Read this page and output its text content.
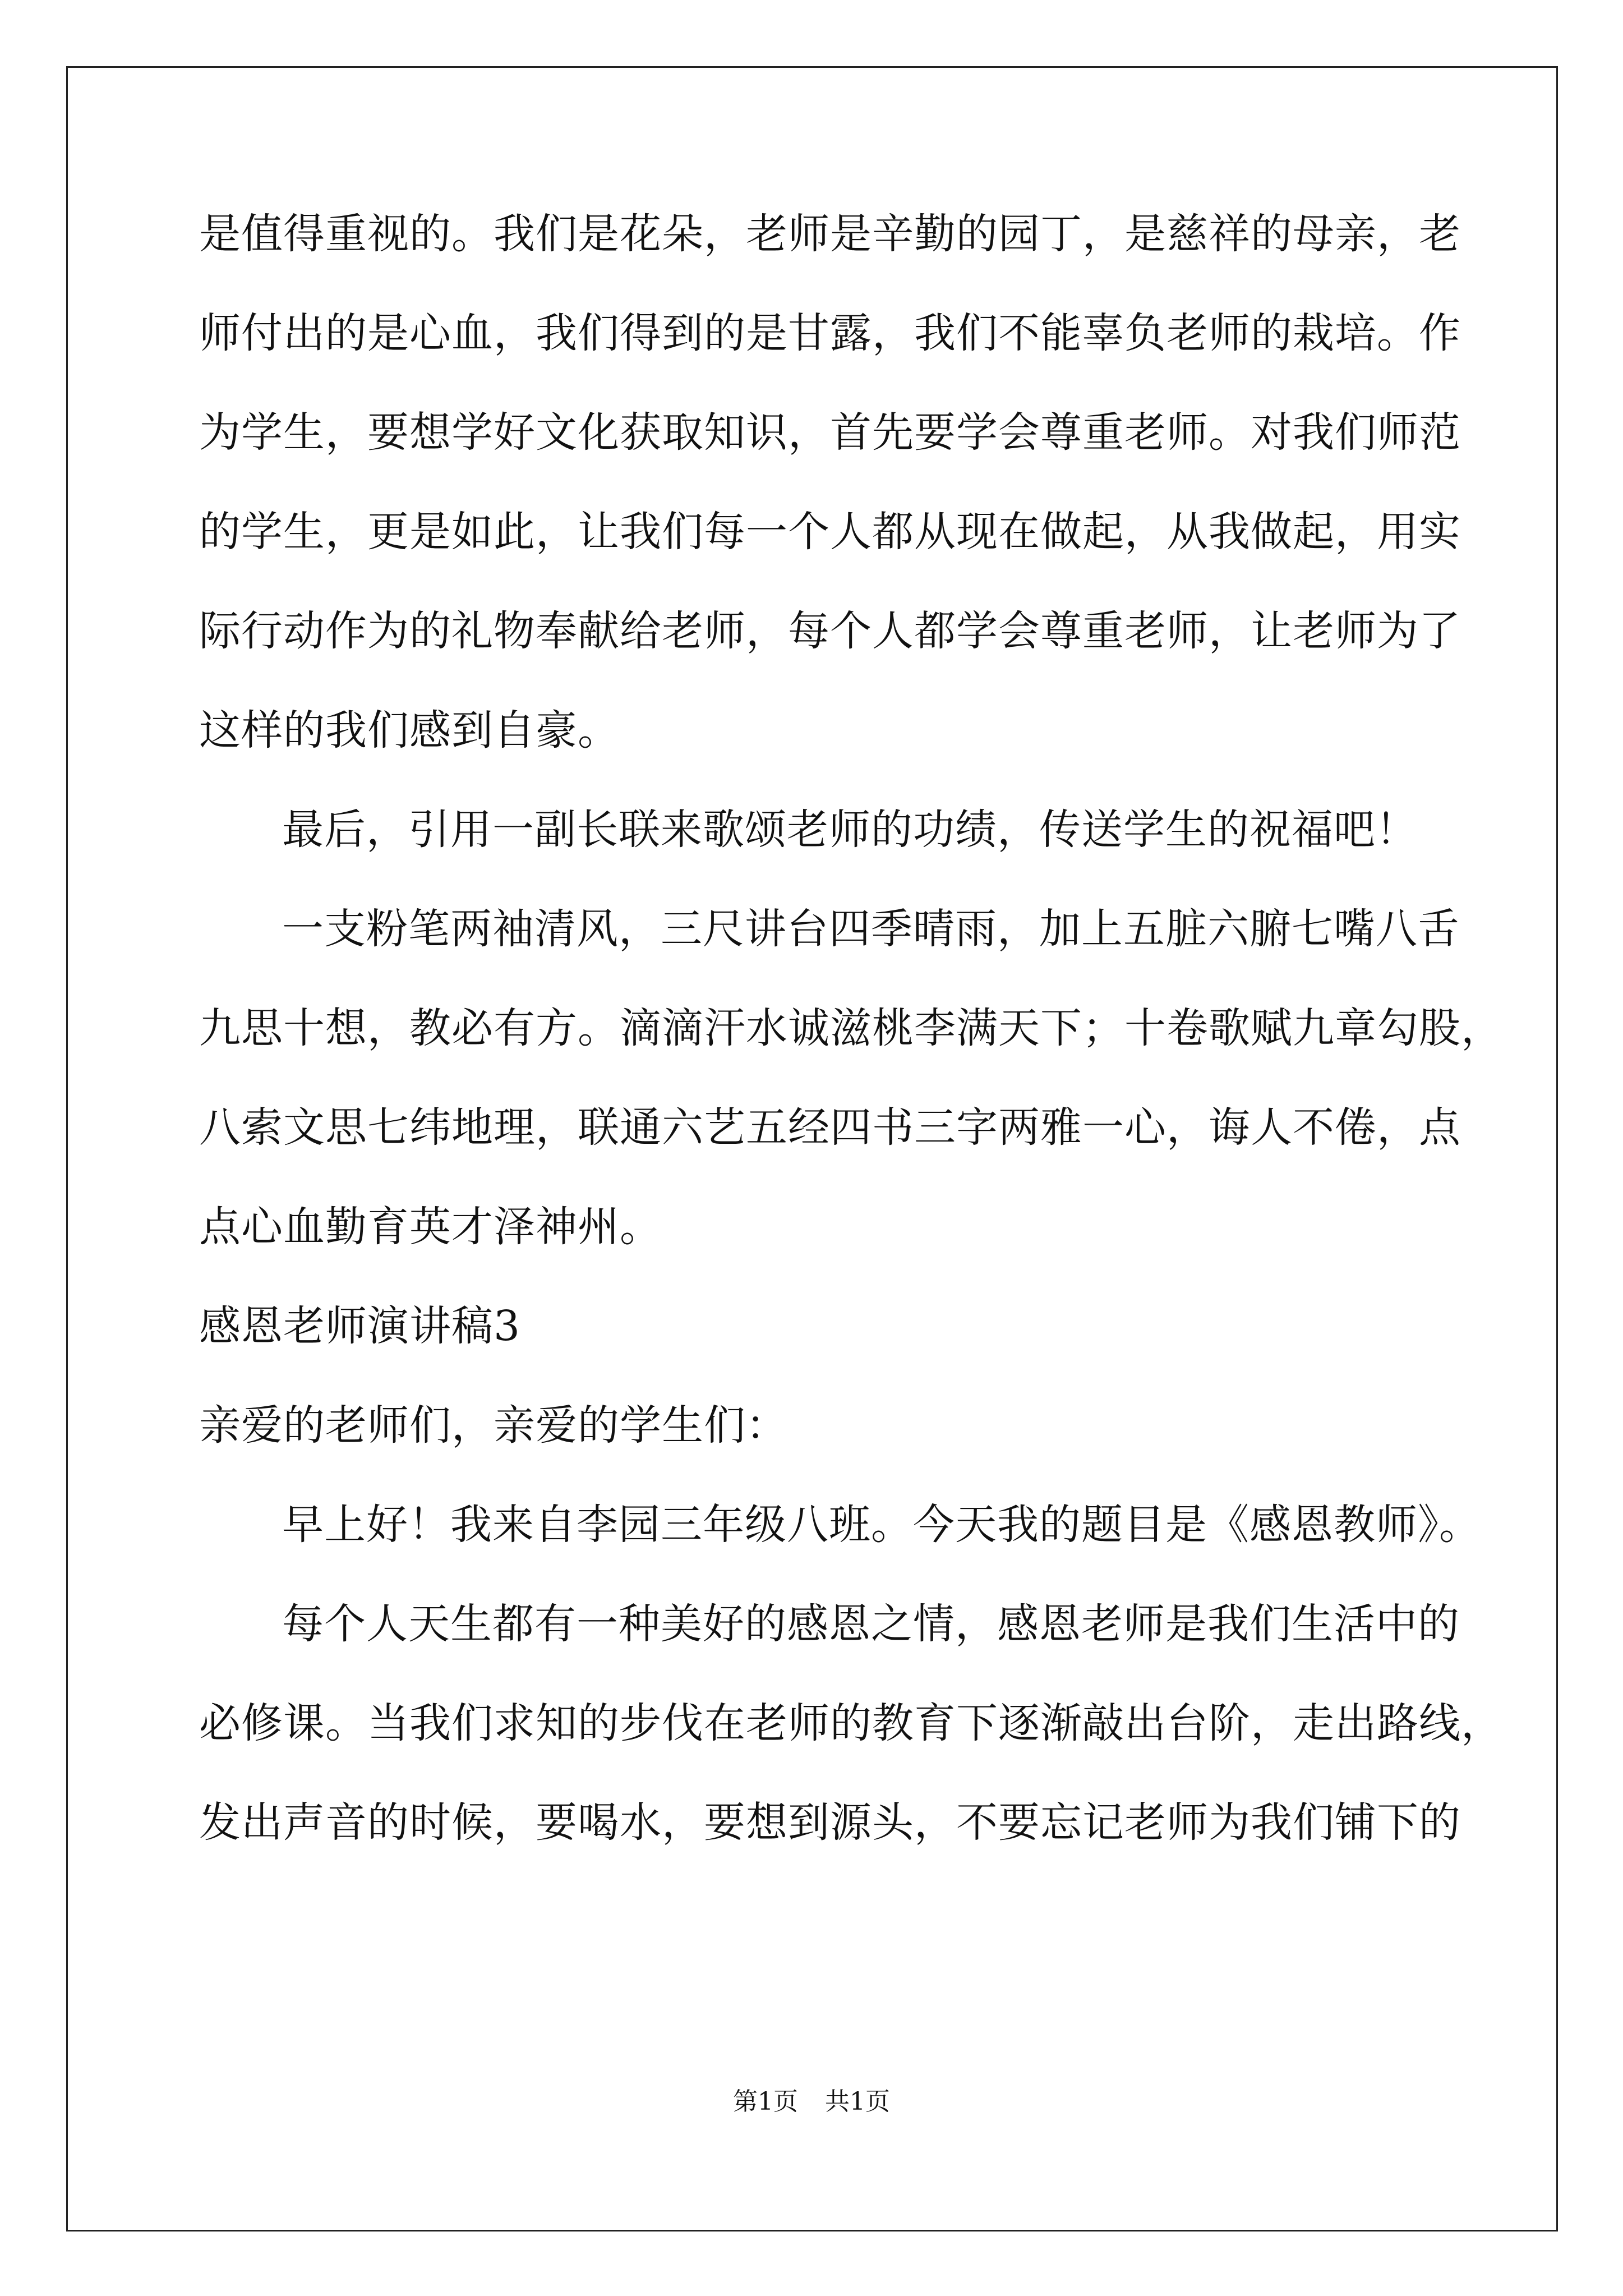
是值得重视的。我们是花朵，老师是辛勤的园丁，是慈祥的母亲，老
师付出的是心血，我们得到的是甘露，我们不能辜负老师的栽培。作
为学生，要想学好文化获取知识，首先要学会尊重老师。对我们师范
的学生，更是如此，让我们每一个人都从现在做起，从我做起，用实
际行动作为的礼物奉献给老师，每个人都学会尊重老师，让老师为了
这样的我们感到自豪。
最后，引用一副长联来歌颂老师的功绩，传送学生的祝福吧！
一支粉笔两袖清风，三尺讲台四季晴雨，加上五脏六腑七嘴八舌
九思十想，教必有方。滴滴汗水诚滋桃李满天下；十卷歌赋九章勾股，
八索文思七纬地理，联通六艺五经四书三字两雅一心，诲人不倦，点
点心血勤育英才泽神州。
感恩老师演讲稿3
亲爱的老师们，亲爱的学生们：
早上好！我来自李园三年级八班。今天我的题目是《感恩教师》。
每个人天生都有一种美好的感恩之情，感恩老师是我们生活中的
必修课。当我们求知的步伐在老师的教育下逐渐敲出台阶，走出路线，
发出声音的时候，要喝水，要想到源头，不要忘记老师为我们铺下的
第1页 共1页
